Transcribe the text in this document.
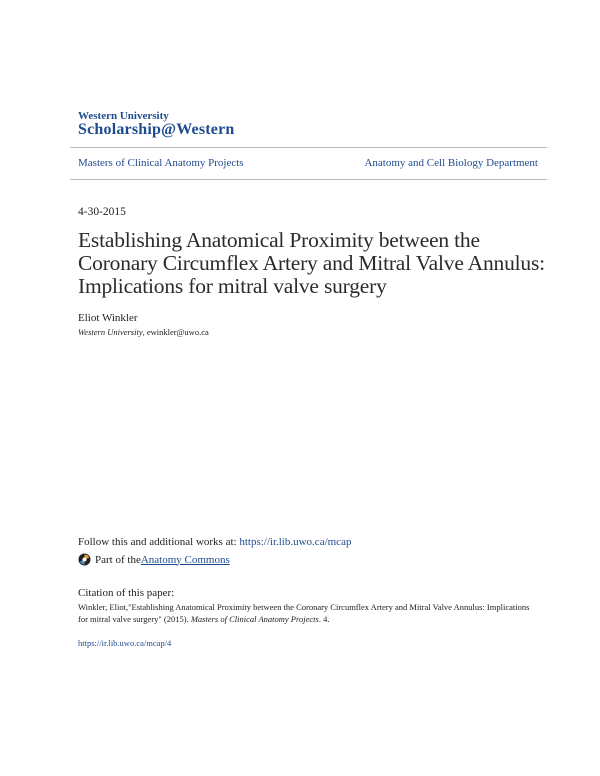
Western University
Scholarship@Western
Masters of Clinical Anatomy Projects	Anatomy and Cell Biology Department
4-30-2015
Establishing Anatomical Proximity between the Coronary Circumflex Artery and Mitral Valve Annulus: Implications for mitral valve surgery
Eliot Winkler
Western University, ewinkler@uwo.ca
Follow this and additional works at: https://ir.lib.uwo.ca/mcap
Part of the Anatomy Commons
Citation of this paper:
Winkler, Eliot,"Establishing Anatomical Proximity between the Coronary Circumflex Artery and Mitral Valve Annulus: Implications for mitral valve surgery" (2015). Masters of Clinical Anatomy Projects. 4.
https://ir.lib.uwo.ca/mcap/4
